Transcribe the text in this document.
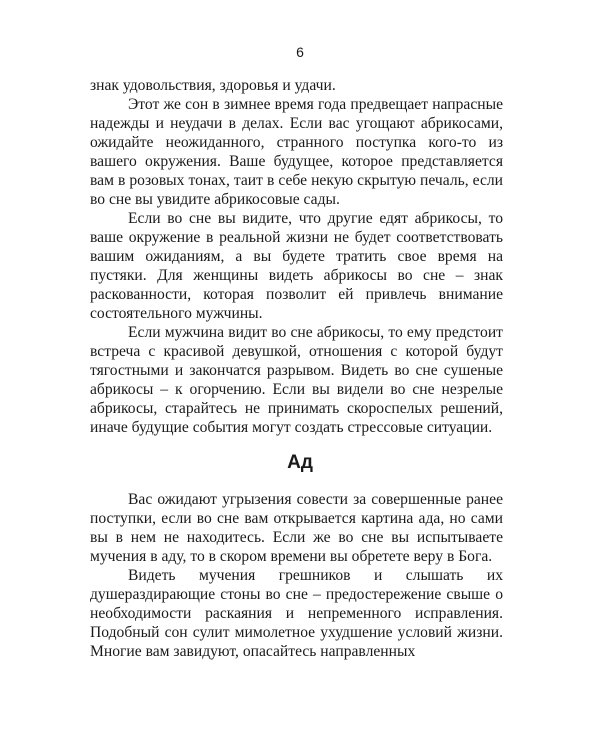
6

знак удовольствия, здоровья и удачи.

Этот же сон в зимнее время года предвещает напрасные надежды и неудачи в делах. Если вас угощают абрикосами, ожидайте неожиданного, странного поступка кого-то из вашего окружения. Ваше будущее, которое представляется вам в розовых тонах, таит в себе некую скрытую печаль, если во сне вы увидите абрикосовые сады.

Если во сне вы видите, что другие едят абрикосы, то ваше окружение в реальной жизни не будет соответствовать вашим ожиданиям, а вы будете тратить свое время на пустяки. Для женщины видеть абрикосы во сне – знак раскованности, которая позволит ей привлечь внимание состоятельного мужчины.

Если мужчина видит во сне абрикосы, то ему предстоит встреча с красивой девушкой, отношения с которой будут тягостными и закончатся разрывом. Видеть во сне сушеные абрикосы – к огорчению. Если вы видели во сне незрелые абрикосы, старайтесь не принимать скороспелых решений, иначе будущие события могут создать стрессовые ситуации.

Ад

Вас ожидают угрызения совести за совершенные ранее поступки, если во сне вам открывается картина ада, но сами вы в нем не находитесь. Если же во сне вы испытываете мучения в аду, то в скором времени вы обретете веру в Бога.

Видеть мучения грешников и слышать их душераздирающие стоны во сне – предостережение свыше о необходимости раскаяния и непременного исправления. Подобный сон сулит мимолетное ухудшение условий жизни. Многие вам завидуют, опасайтесь направленных
